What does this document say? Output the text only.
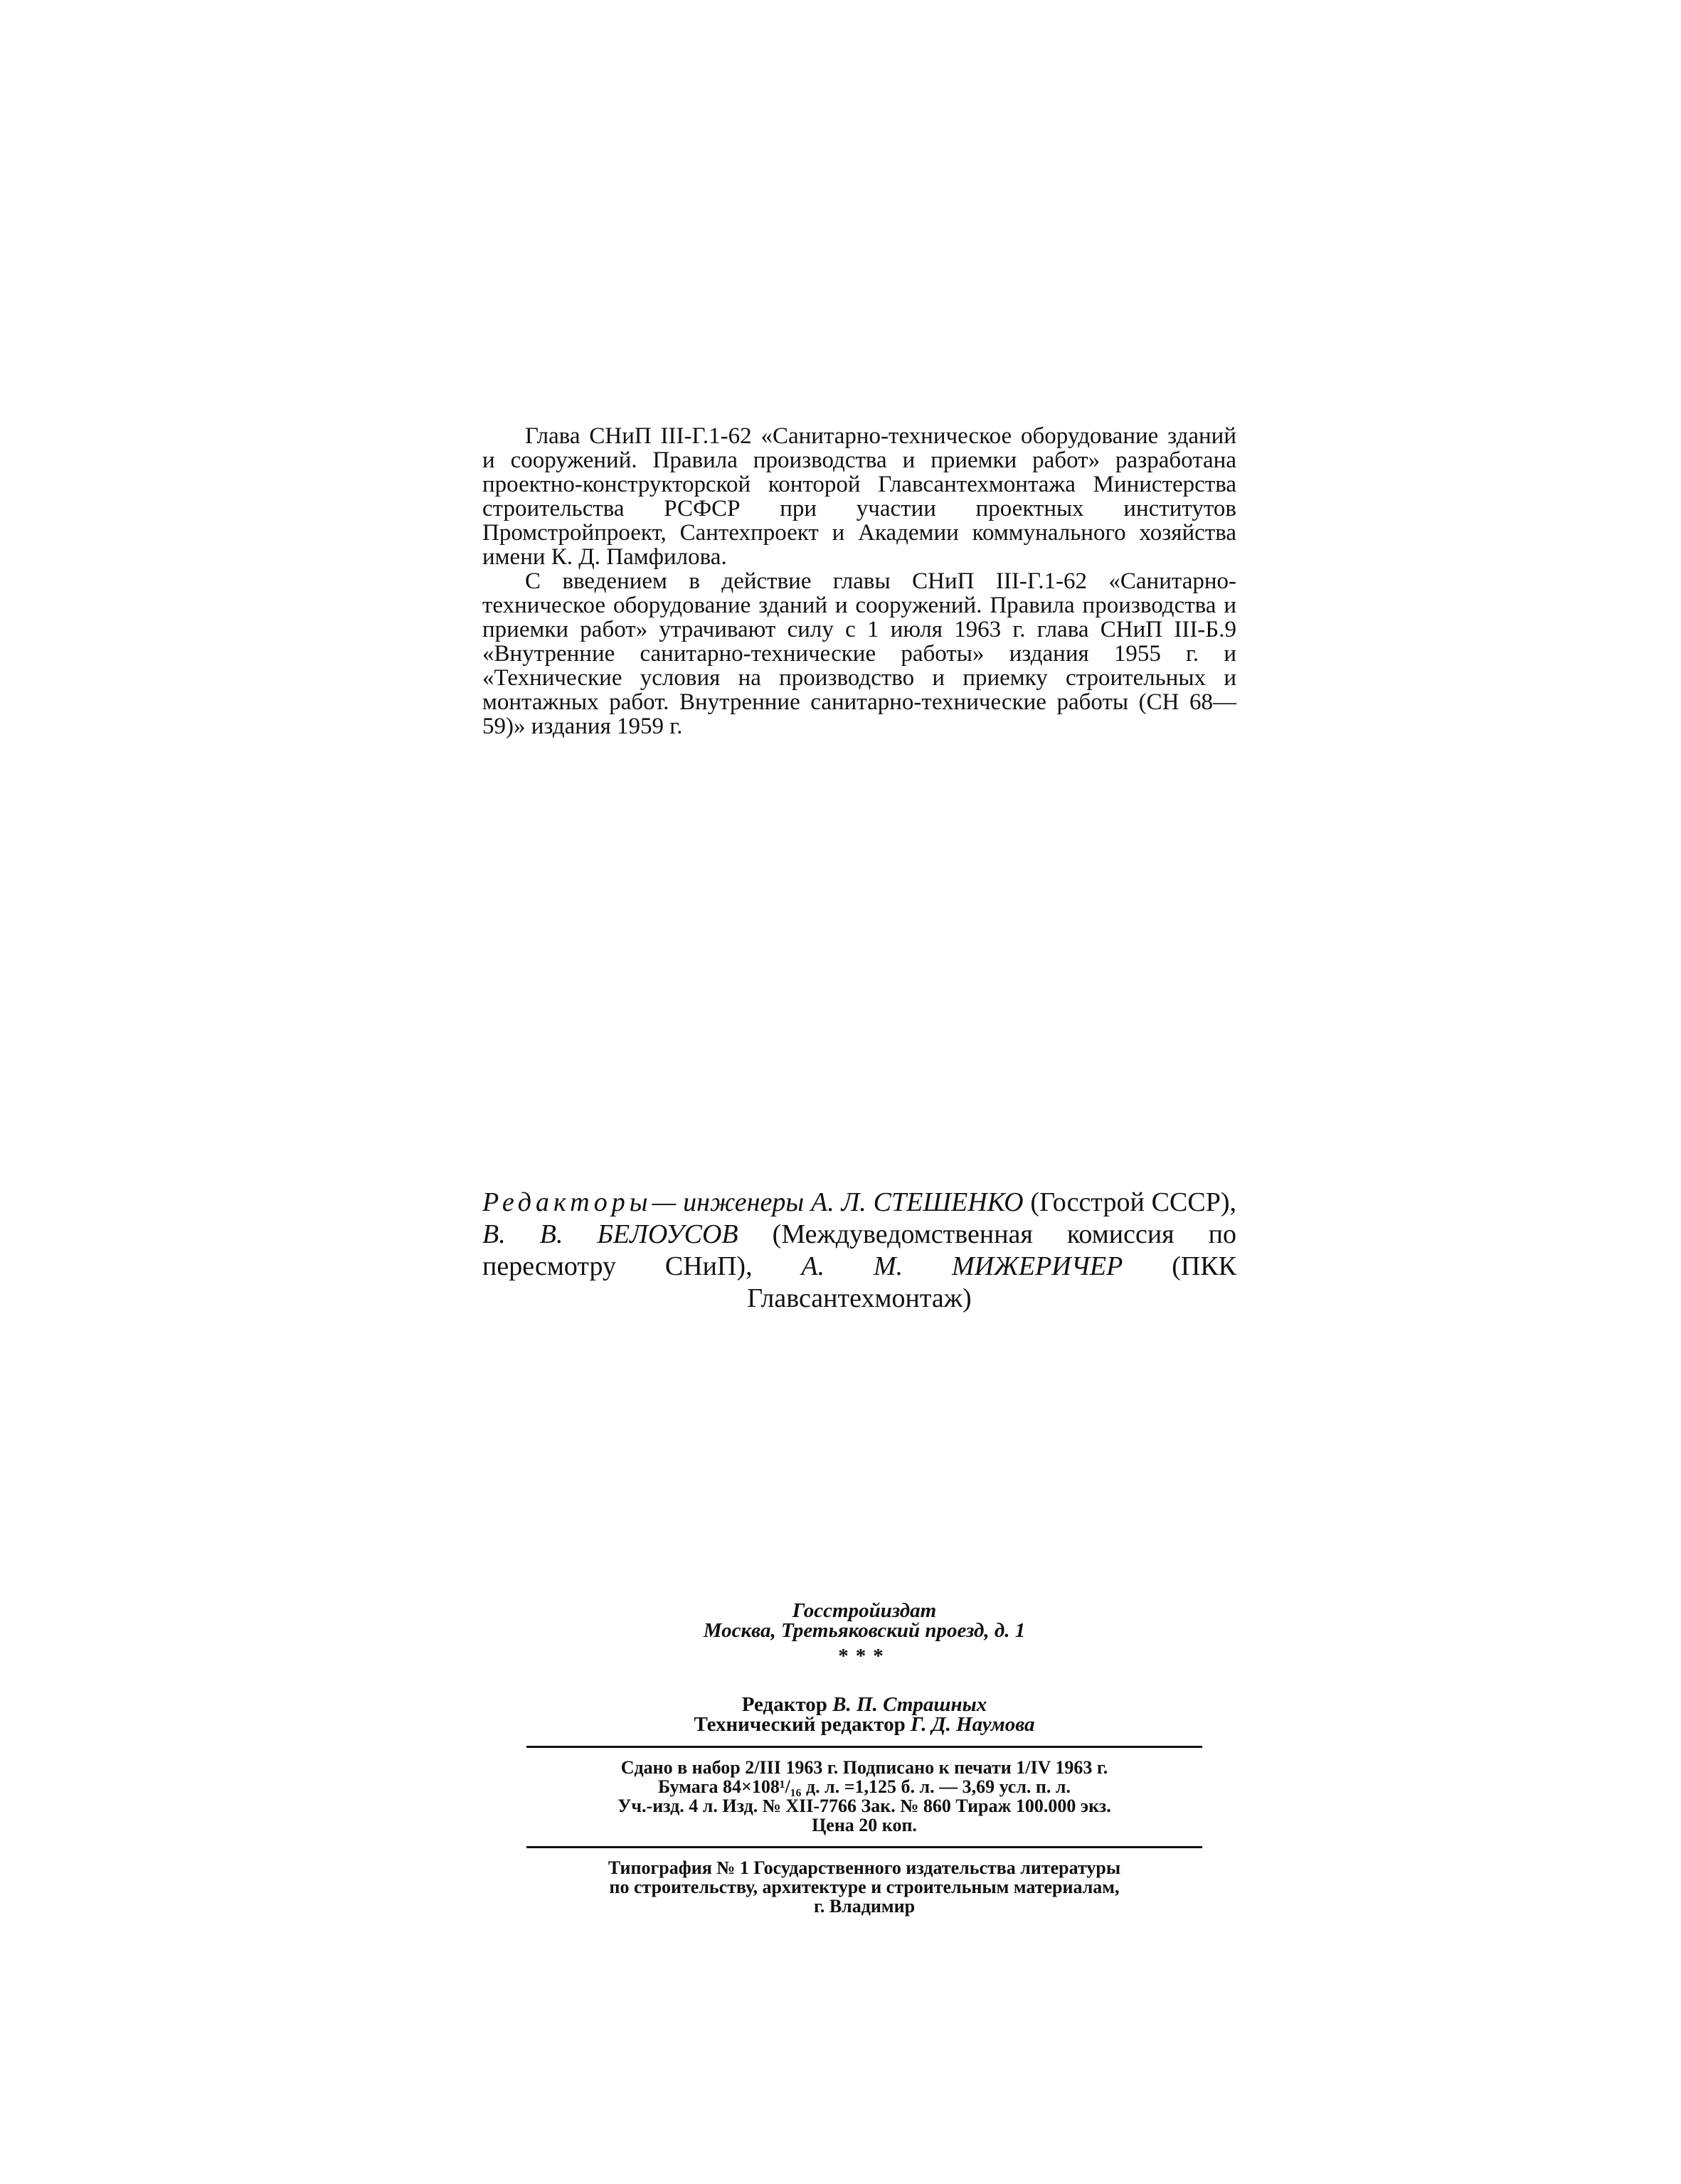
Глава СНиП III-Г.1-62 «Санитарно-техническое оборудование зданий и сооружений. Правила производства и приемки работ» разработана проектно-конструкторской конторой Главсантехмонтажа Министерства строительства РСФСР при участии проектных институтов Промстройпроект, Сантехпроект и Академии коммунального хозяйства имени К. Д. Памфилова.

С введением в действие главы СНиП III-Г.1-62 «Санитарно-техническое оборудование зданий и сооружений. Правила производства и приемки работ» утрачивают силу с 1 июля 1963 г. глава СНиП III-Б.9 «Внутренние санитарно-технические работы» издания 1955 г. и «Технические условия на производство и приемку строительных и монтажных работ. Внутренние санитарно-технические работы (СН 68—59)» издания 1959 г.

Редакторы— инженеры А. Л. СТЕШЕНКО (Госстрой СССР), В. В. БЕЛОУСОВ (Междуведомственная комиссия по пересмотру СНиП), А. М. МИЖЕРИЧЕР (ПКК Главсантехмонтаж)
Госстройиздат
Москва, Третьяковский проезд, д. 1
***
Редактор В. П. Страшных
Технический редактор Г. Д. Наумова
Сдано в набор 2/III 1963 г. Подписано к печати 1/IV 1963 г.
Бумага 84×108¹/₁₆ д. л. =1,125 б. л. — 3,69 усл. п. л.
Уч.-изд. 4 л. Изд. № XII-7766 Зак. № 860 Тираж 100.000 экз.
Цена 20 коп.
Типография № 1 Государственного издательства литературы
по строительству, архитектуре и строительным материалам,
г. Владимир
